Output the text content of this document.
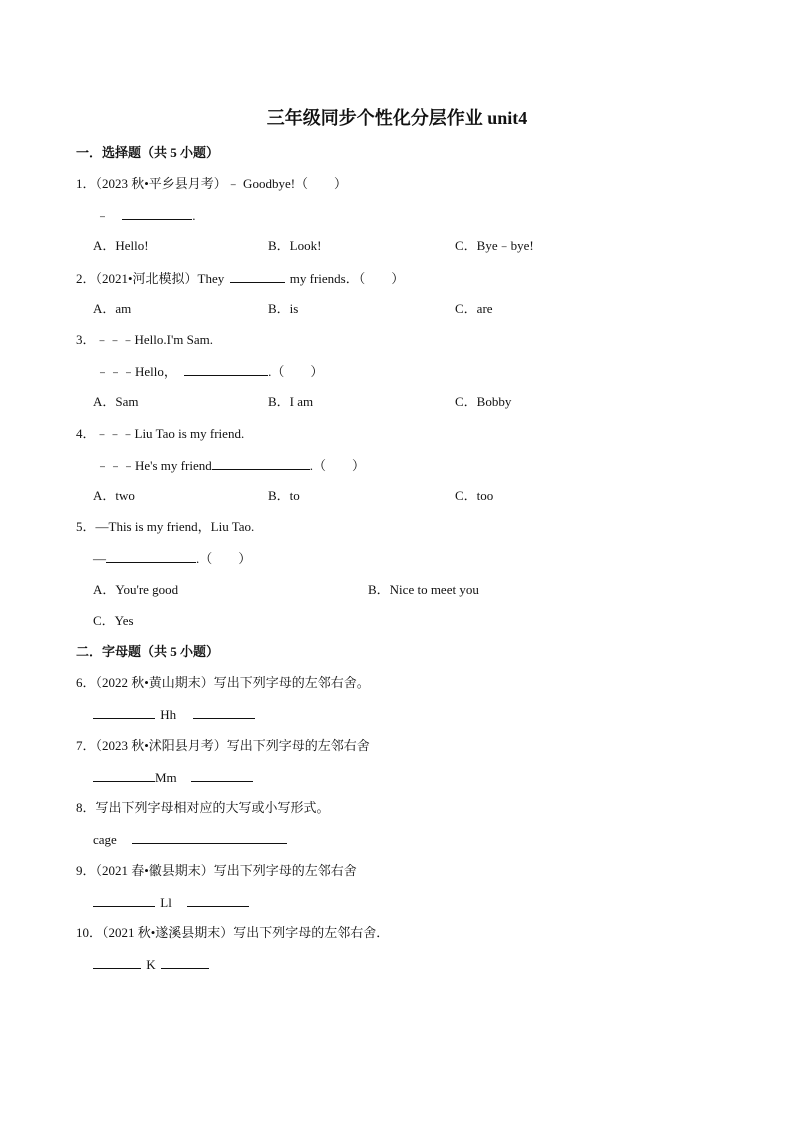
三年级同步个性化分层作业 unit4
一．选择题（共 5 小题）
1．（2023 秋•平乡县月考）﹣ Goodbye!（　　）
﹣	.
A．Hello!	B．Look!	C．Bye﹣bye!
2．（2021•河北模拟）They	my friends．（　　）
A．am	B．is	C．are
3．﹣﹣﹣Hello.I'm Sam.
﹣﹣﹣Hello，	.（　　）
A．Sam	B．I am	C．Bobby
4．﹣﹣﹣Liu Tao is my friend.
﹣﹣﹣He's my friend	.（　　）
A．two	B．to	C．too
5．—This is my friend，Liu Tao.
—	.（　　）
A．You're good	B．Nice to meet you
C．Yes
二．字母题（共 5 小题）
6．（2022 秋•黄山期末）写出下列字母的左邻右舍。
Hh
7．（2023 秋•沭阳县月考）写出下列字母的左邻右舍
Mm
8．写出下列字母相对应的大写或小写形式。
cage
9．（2021 春•徽县期末）写出下列字母的左邻右舍
Ll
10．（2021 秋•遂溪县期末）写出下列字母的左邻右舍．
K
